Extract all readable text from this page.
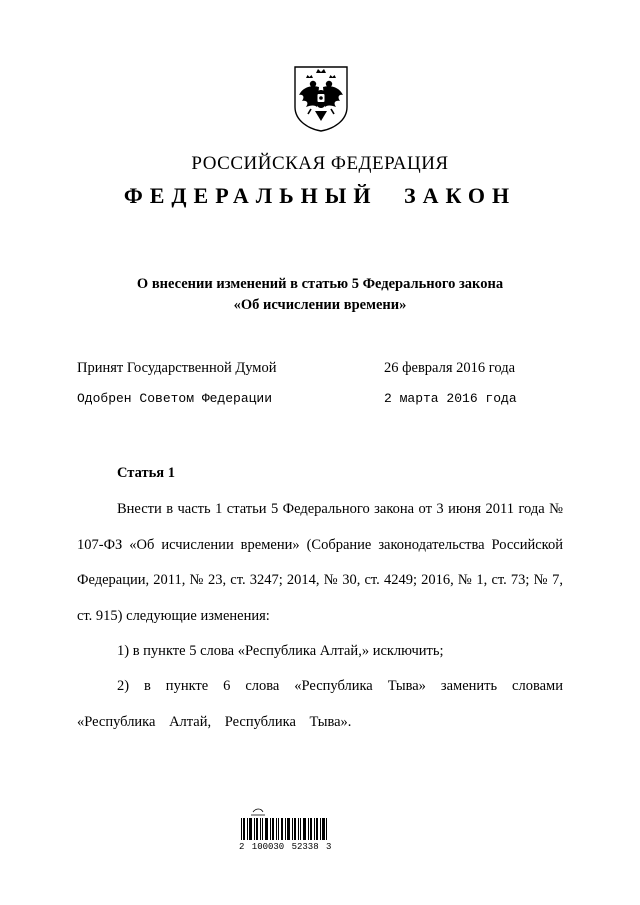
РОССИЙСКАЯ ФЕДЕРАЦИЯ
ФЕДЕРАЛЬНЫЙ ЗАКОН
О внесении изменений в статью 5 Федерального закона
«Об исчислении времени»
Принят Государственной Думой	26 февраля 2016 года
Одобрен Советом Федерации	2 марта 2016 года
Статья 1

Внести в часть 1 статьи 5 Федерального закона от 3 июня 2011 года № 107-ФЗ «Об исчислении времени» (Собрание законодательства Российской Федерации, 2011, № 23, ст. 3247; 2014, № 30, ст. 4249; 2016, № 1, ст. 73; № 7, ст. 915) следующие изменения:

1) в пункте 5 слова «Республика Алтай,» исключить;

2) в пункте 6 слова «Республика Тыва» заменить словами «Республика Алтай, Республика Тыва».

2 100030 52338 3
